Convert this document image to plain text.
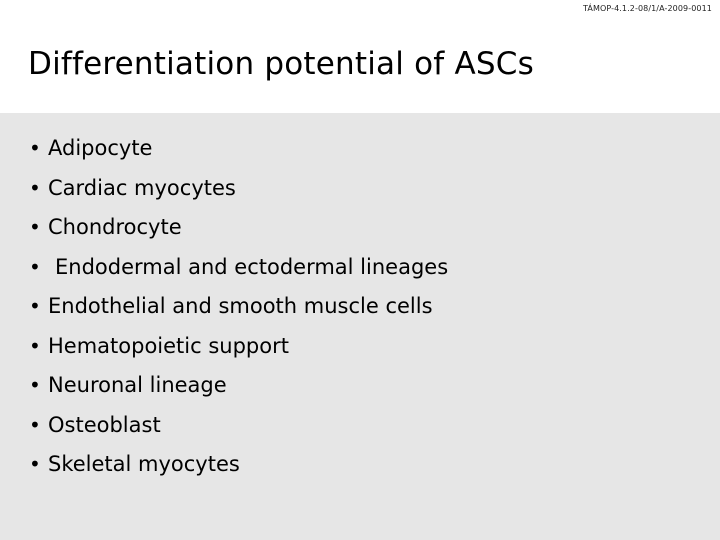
TÁMOP-4.1.2-08/1/A-2009-0011
Differentiation potential of ASCs
• Adipocyte
• Cardiac myocytes
• Chondrocyte
• Endodermal and ectodermal lineages
• Endothelial and smooth muscle cells
• Hematopoietic support
• Neuronal lineage
• Osteoblast
• Skeletal myocytes
